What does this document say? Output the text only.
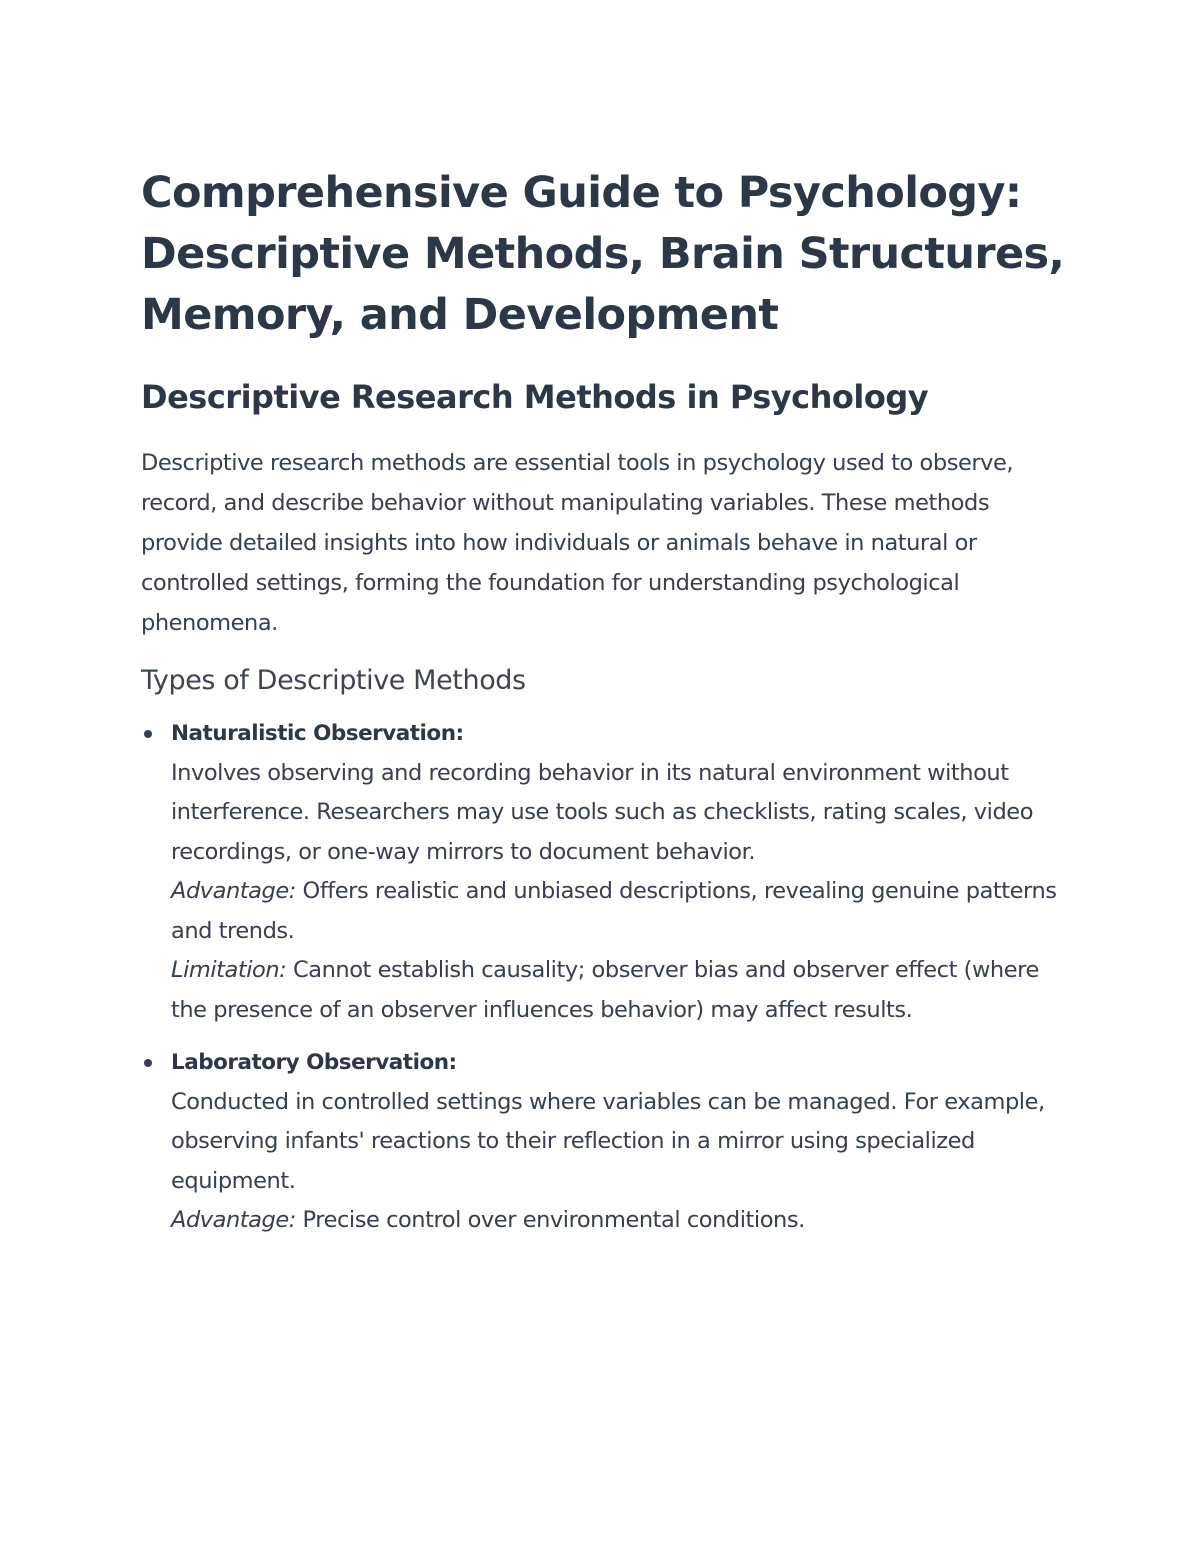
Comprehensive Guide to Psychology: Descriptive Methods, Brain Structures, Memory, and Development
Descriptive Research Methods in Psychology

Descriptive research methods are essential tools in psychology used to observe, record, and describe behavior without manipulating variables. These methods provide detailed insights into how individuals or animals behave in natural or controlled settings, forming the foundation for understanding psychological phenomena.

Types of Descriptive Methods
Naturalistic Observation:
Involves observing and recording behavior in its natural environment without interference. Researchers may use tools such as checklists, rating scales, video recordings, or one-way mirrors to document behavior.
Advantage: Offers realistic and unbiased descriptions, revealing genuine patterns and trends.
Limitation: Cannot establish causality; observer bias and observer effect (where the presence of an observer influences behavior) may affect results.
Laboratory Observation:
Conducted in controlled settings where variables can be managed. For example, observing infants' reactions to their reflection in a mirror using specialized equipment.
Advantage: Precise control over environmental conditions.
